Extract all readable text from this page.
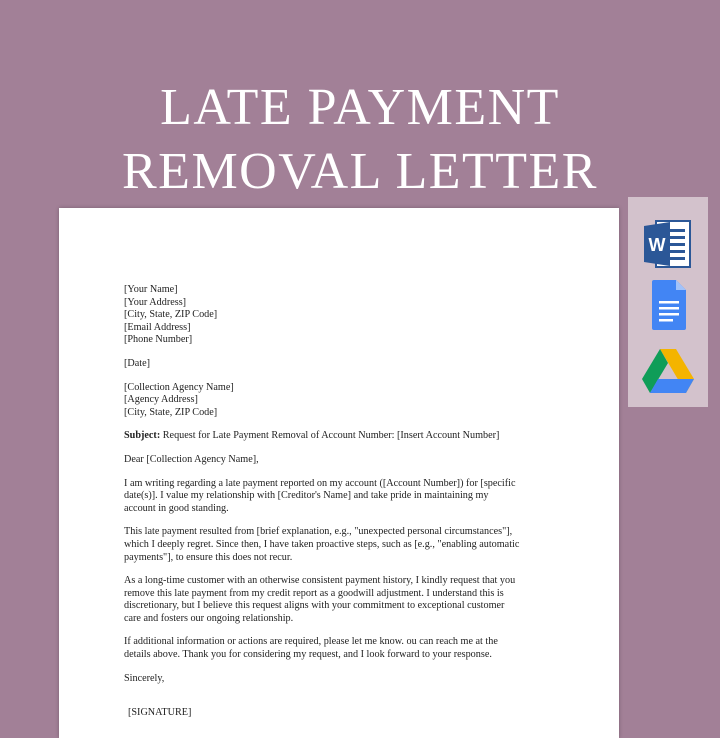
LATE PAYMENT
REMOVAL LETTER
[Your Name]
[Your Address]
[City, State, ZIP Code]
[Email Address]
[Phone Number]
[Date]
[Collection Agency Name]
[Agency Address]
[City, State, ZIP Code]
Subject: Request for Late Payment Removal of Account Number: [Insert Account Number]
Dear [Collection Agency Name],
I am writing regarding a late payment reported on my account ([Account Number]) for [specific
date(s)]. I value my relationship with [Creditor's Name] and take pride in maintaining my
account in good standing.
This late payment resulted from [brief explanation, e.g., "unexpected personal circumstances"],
which I deeply regret. Since then, I have taken proactive steps, such as [e.g., "enabling automatic
payments"], to ensure this does not recur.
As a long-time customer with an otherwise consistent payment history, I kindly request that you
remove this late payment from my credit report as a goodwill adjustment. I understand this is
discretionary, but I believe this request aligns with your commitment to exceptional customer
care and fosters our ongoing relationship.
If additional information or actions are required, please let me know. ou can reach me at the
details above. Thank you for considering my request, and I look forward to your response.
Sincerely,
[SIGNATURE]
W
